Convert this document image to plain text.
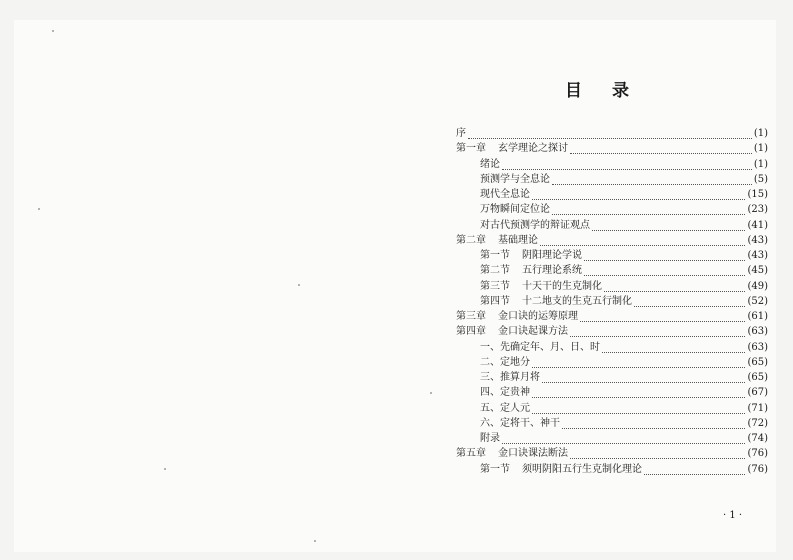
目 录
序	(1)
第一章 玄学理论之探讨	(1)
绪论	(1)
预测学与全息论	(5)
现代全息论	(15)
万物瞬间定位论	(23)
对古代预测学的辩证观点	(41)
第二章 基础理论	(43)
第一节 阴阳理论学说	(43)
第二节 五行理论系统	(45)
第三节 十天干的生克制化	(49)
第四节 十二地支的生克五行制化	(52)
第三章 金口诀的运筹原理	(61)
第四章 金口诀起课方法	(63)
一、先确定年、月、日、时	(63)
二、定地分	(65)
三、推算月将	(65)
四、定贵神	(67)
五、定人元	(71)
六、定将干、神干	(72)
附录	(74)
第五章 金口诀课法断法	(76)
第一节 须明阴阳五行生克制化理论	(76)
· 1 ·
